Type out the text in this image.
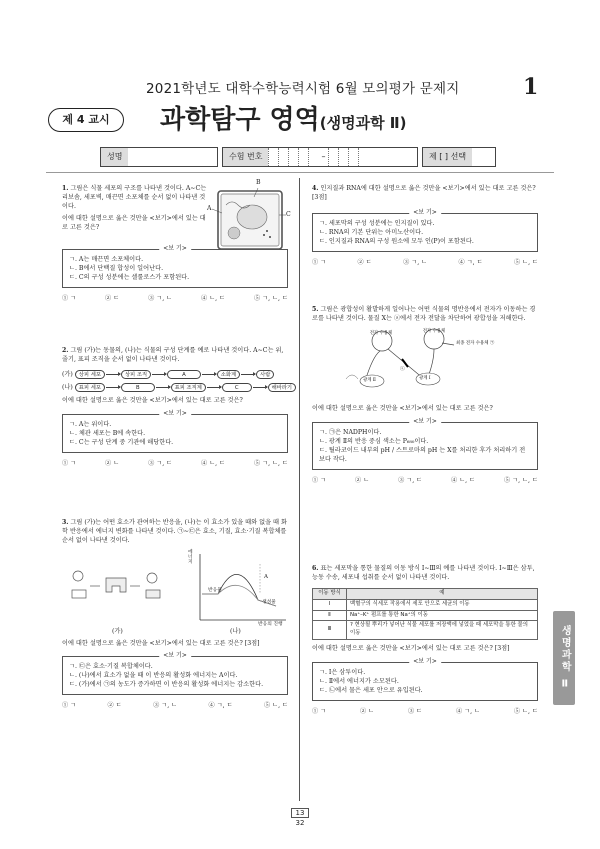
2021학년도 대학수학능력시험 6월 모의평가 문제지	1
제 4 교시	과학탐구 영역(생명과학 Ⅱ)
성명	수험 번호	–	제 [ ] 선택
1. 그림은 식물 세포의 구조를 나타낸 것이다. A~C는 리보솜, 세포벽, 매끈면 소포체를 순서 없이 나타낸 것이다.	A
B
C
이에 대한 설명으로 옳은 것만을 <보기>에서 있는 대로 고른 것은?
<보 기>
ㄱ. A는 매끈면 소포체이다.
ㄴ. B에서 단백질 합성이 일어난다.
ㄷ. C의 구성 성분에는 셀룰로스가 포함된다.
① ㄱ	② ㄷ	③ ㄱ, ㄴ	④ ㄴ, ㄷ	⑤ ㄱ, ㄴ, ㄷ
2. 그림 (가)는 동물의, (나)는 식물의 구성 단계를 예로 나타낸 것이다. A~C는 위, 줄기, 표피 조직을 순서 없이 나타낸 것이다.
(가) 상피 세포	상피 조직	A	소화계	사람
(나) 표피 세포	B	표피 조직계	C	해바라기
이에 대한 설명으로 옳은 것만을 <보기>에서 있는 대로 고른 것은?
<보 기>
ㄱ. A는 위이다.
ㄴ. 체관 세포는 B에 속한다.
ㄷ. C는 구성 단계 중 기관에 해당한다.
① ㄱ	② ㄴ	③ ㄱ, ㄷ	④ ㄴ, ㄷ	⑤ ㄱ, ㄴ, ㄷ
3. 그림 (가)는 어떤 효소가 관여하는 반응을, (나)는 이 효소가 있을 때와 없을 때 화학 반응에서 에너지 변화를 나타낸 것이다. ㉠~㉢은 효소, 기질, 효소·기질 복합체를 순서 없이 나타낸 것이다.
에너지
반응물
생성물
반응의 진행
A
(가)	(나)
이에 대한 설명으로 옳은 것만을 <보기>에서 있는 대로 고른 것은? [3점]
<보 기>
ㄱ. ㉢은 효소·기질 복합체이다.
ㄴ. (나)에서 효소가 없을 때 이 반응의 활성화 에너지는 A이다.
ㄷ. (가)에서 ㉠의 농도가 증가하면 이 반응의 활성화 에너지는 감소한다.
① ㄱ	② ㄷ	③ ㄱ, ㄴ	④ ㄱ, ㄷ	⑤ ㄴ, ㄷ
4. 인지질과 RNA에 대한 설명으로 옳은 것만을 <보기>에서 있는 대로 고른 것은? [3점]
<보 기>
ㄱ. 세포막의 구성 성분에는 인지질이 있다.
ㄴ. RNA의 기본 단위는 아미노산이다.
ㄷ. 인지질과 RNA의 구성 원소에 모두 인(P)이 포함된다.
① ㄱ	② ㄷ	③ ㄱ, ㄴ	④ ㄱ, ㄷ	⑤ ㄴ, ㄷ
5. 그림은 광합성이 활발하게 일어나는 어떤 식물의 명반응에서 전자가 이동하는 경로를 나타낸 것이다. 물질 X는 ⓐ에서 전자 전달을 차단하여 광합성을 저해한다.
전자 수용체	전자 수용체
광계 Ⅱ	광계 Ⅰ
최종 전자 수용체 ㉠
ⓐ
이에 대한 설명으로 옳은 것만을 <보기>에서 있는 대로 고른 것은?
<보 기>
ㄱ. ㉠은 NADPH이다.
ㄴ. 광계 Ⅱ의 반응 중심 색소는 P₆₈₀이다.
ㄷ. 틸라코이드 내부의 pH / 스트로마의 pH 는 X를 처리한 후가 처리하기 전보다 작다.
① ㄱ	② ㄴ	③ ㄱ, ㄷ	④ ㄴ, ㄷ	⑤ ㄱ, ㄴ, ㄷ
6. 표는 세포막을 통한 물질의 이동 방식 Ⅰ~Ⅲ의 예를 나타낸 것이다. Ⅰ~Ⅲ은 삼투, 능동 수송, 세포내 섭취를 순서 없이 나타낸 것이다.
이동 방식	예
Ⅰ	백혈구의 식세포 작용에서 세포 안으로 세균의 이동
Ⅱ	Na⁺–K⁺ 펌프를 통한 Na⁺의 이동
Ⅲ	? 현상될 뿌리가 넣어난 식물 세포를 저장액에 넣었을 때 세포막을 통한 물의 이동
이에 대한 설명으로 옳은 것만을 <보기>에서 있는 대로 고른 것은? [3점]
<보 기>
ㄱ. Ⅰ은 삼투이다.
ㄴ. Ⅱ에서 에너지가 소모된다.
ㄷ. ㉡에서 물은 세포 안으로 유입된다.
① ㄱ	② ㄴ	③ ㄷ	④ ㄱ, ㄴ	⑤ ㄴ, ㄷ
생명과학 Ⅱ
13
32
